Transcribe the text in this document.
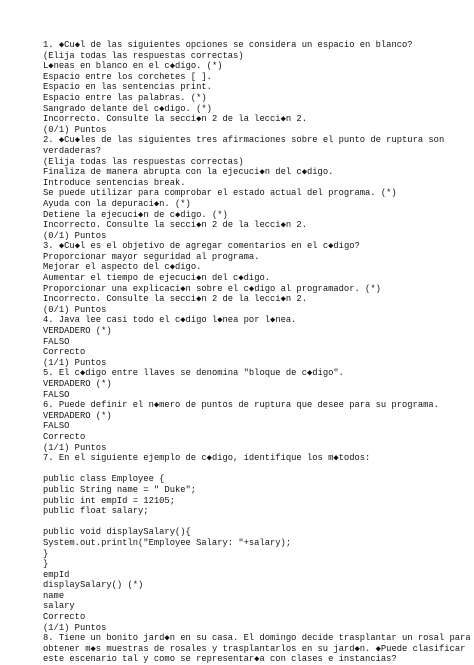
1. ◆Cu◆l de las siguientes opciones se considera un espacio en blanco?
(Elija todas las respuestas correctas)
L◆neas en blanco en el c◆digo. (*)
Espacio entre los corchetes [ ].
Espacio en las sentencias print.
Espacio entre las palabras. (*)
Sangrado delante del c◆digo. (*)
Incorrecto. Consulte la secci◆n 2 de la lecci◆n 2.
(0/1) Puntos
2. ◆Cu◆les de las siguientes tres afirmaciones sobre el punto de ruptura son
verdaderas?
(Elija todas las respuestas correctas)
Finaliza de manera abrupta con la ejecuci◆n del c◆digo.
Introduce sentencias break.
Se puede utilizar para comprobar el estado actual del programa. (*)
Ayuda con la depuraci◆n. (*)
Detiene la ejecuci◆n de c◆digo. (*)
Incorrecto. Consulte la secci◆n 2 de la lecci◆n 2.
(0/1) Puntos
3. ◆Cu◆l es el objetivo de agregar comentarios en el c◆digo?
Proporcionar mayor seguridad al programa.
Mejorar el aspecto del c◆digo.
Aumentar el tiempo de ejecuci◆n del c◆digo.
Proporcionar una explicaci◆n sobre el c◆digo al programador. (*)
Incorrecto. Consulte la secci◆n 2 de la lecci◆n 2.
(0/1) Puntos
4. Java lee casi todo el c◆digo l◆nea por l◆nea.
VERDADERO (*)
FALSO
Correcto
(1/1) Puntos
5. El c◆digo entre llaves se denomina "bloque de c◆digo".
VERDADERO (*)
FALSO
6. Puede definir el n◆mero de puntos de ruptura que desee para su programa.
VERDADERO (*)
FALSO
Correcto
(1/1) Puntos
7. En el siguiente ejemplo de c◆digo, identifique los m◆todos:
public class Employee {
public String name = " Duke";
public int empId = 12105;
public float salary;
public void displaySalary(){
System.out.println("Employee Salary: "+salary);
}
}
empId
displaySalary() (*)
name
salary
Correcto
(1/1) Puntos
8. Tiene un bonito jard◆n en su casa. El domingo decide trasplantar un rosal para
obtener m◆s muestras de rosales y trasplantarlos en su jard◆n. ◆Puede clasificar
este escenario tal y como se representar◆a con clases e instancias?
